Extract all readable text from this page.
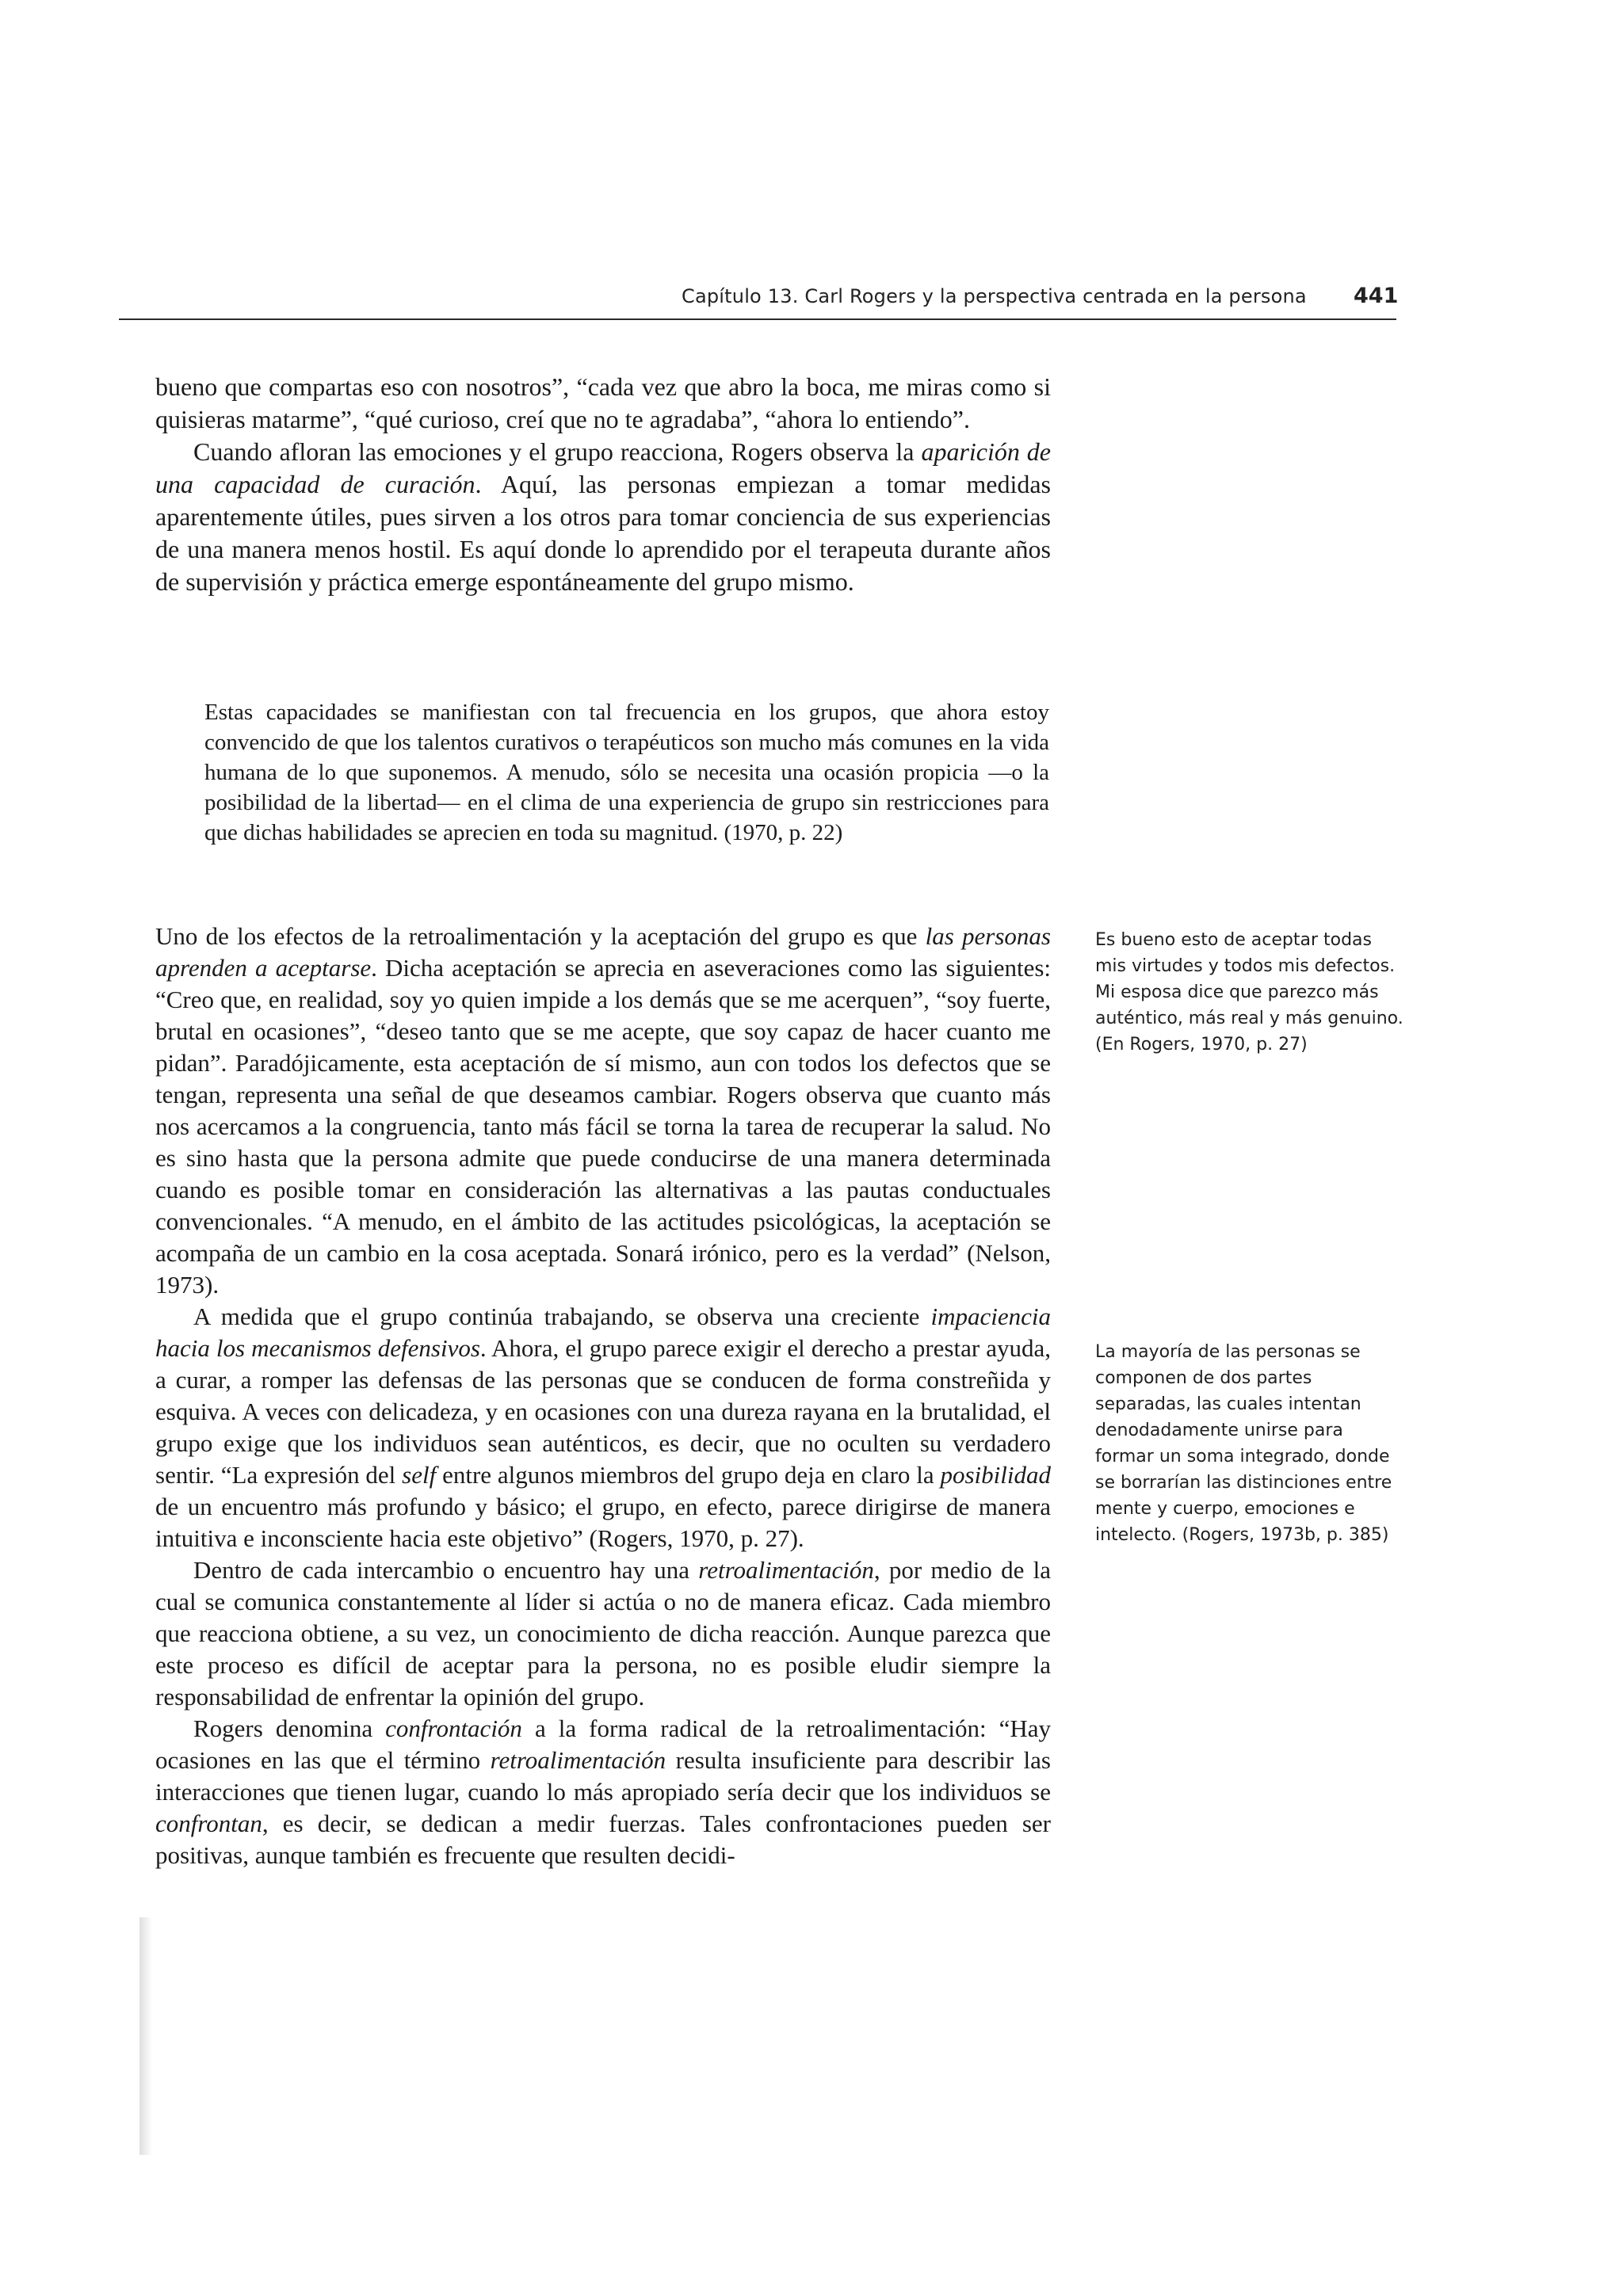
Capítulo 13. Carl Rogers y la perspectiva centrada en la persona 441

bueno que compartas eso con nosotros”, “cada vez que abro la boca, me miras como si quisieras matarme”, “qué curioso, creí que no te agradaba”, “ahora lo entiendo”.

Cuando afloran las emociones y el grupo reacciona, Rogers observa la aparición de una capacidad de curación. Aquí, las personas empiezan a tomar medidas aparentemente útiles, pues sirven a los otros para tomar conciencia de sus experiencias de una manera menos hostil. Es aquí donde lo aprendido por el terapeuta durante años de supervisión y práctica emerge espontáneamente del grupo mismo.

Estas capacidades se manifiestan con tal frecuencia en los grupos, que ahora estoy convencido de que los talentos curativos o terapéuticos son mucho más comunes en la vida humana de lo que suponemos. A menudo, sólo se necesita una ocasión propicia —o la posibilidad de la libertad— en el clima de una experiencia de grupo sin restricciones para que dichas habilidades se aprecien en toda su magnitud. (1970, p. 22)

Uno de los efectos de la retroalimentación y la aceptación del grupo es que las personas aprenden a aceptarse. Dicha aceptación se aprecia en aseveraciones como las siguientes: “Creo que, en realidad, soy yo quien impide a los demás que se me acerquen”, “soy fuerte, brutal en ocasiones”, “deseo tanto que se me acepte, que soy capaz de hacer cuanto me pidan”. Paradójicamente, esta aceptación de sí mismo, aun con todos los defectos que se tengan, representa una señal de que deseamos cambiar. Rogers observa que cuanto más nos acercamos a la congruencia, tanto más fácil se torna la tarea de recuperar la salud. No es sino hasta que la persona admite que puede conducirse de una manera determinada cuando es posible tomar en consideración las alternativas a las pautas conductuales convencionales. “A menudo, en el ámbito de las actitudes psicológicas, la aceptación se acompaña de un cambio en la cosa aceptada. Sonará irónico, pero es la verdad” (Nelson, 1973).

A medida que el grupo continúa trabajando, se observa una creciente impaciencia hacia los mecanismos defensivos. Ahora, el grupo parece exigir el derecho a prestar ayuda, a curar, a romper las defensas de las personas que se conducen de forma constreñida y esquiva. A veces con delicadeza, y en ocasiones con una dureza rayana en la brutalidad, el grupo exige que los individuos sean auténticos, es decir, que no oculten su verdadero sentir. “La expresión del self entre algunos miembros del grupo deja en claro la posibilidad de un encuentro más profundo y básico; el grupo, en efecto, parece dirigirse de manera intuitiva e inconsciente hacia este objetivo” (Rogers, 1970, p. 27).

Dentro de cada intercambio o encuentro hay una retroalimentación, por medio de la cual se comunica constantemente al líder si actúa o no de manera eficaz. Cada miembro que reacciona obtiene, a su vez, un conocimiento de dicha reacción. Aunque parezca que este proceso es difícil de aceptar para la persona, no es posible eludir siempre la responsabilidad de enfrentar la opinión del grupo.

Rogers denomina confrontación a la forma radical de la retroalimentación: “Hay ocasiones en las que el término retroalimentación resulta insuficiente para describir las interacciones que tienen lugar, cuando lo más apropiado sería decir que los individuos se confrontan, es decir, se dedican a medir fuerzas. Tales confrontaciones pueden ser positivas, aunque también es frecuente que resulten decidi-

Es bueno esto de aceptar todas mis virtudes y todos mis defectos. Mi esposa dice que parezco más auténtico, más real y más genuino. (En Rogers, 1970, p. 27)
La mayoría de las personas se componen de dos partes separadas, las cuales intentan denodadamente unirse para formar un soma integrado, donde se borrarían las distinciones entre mente y cuerpo, emociones e intelecto. (Rogers, 1973b, p. 385)
